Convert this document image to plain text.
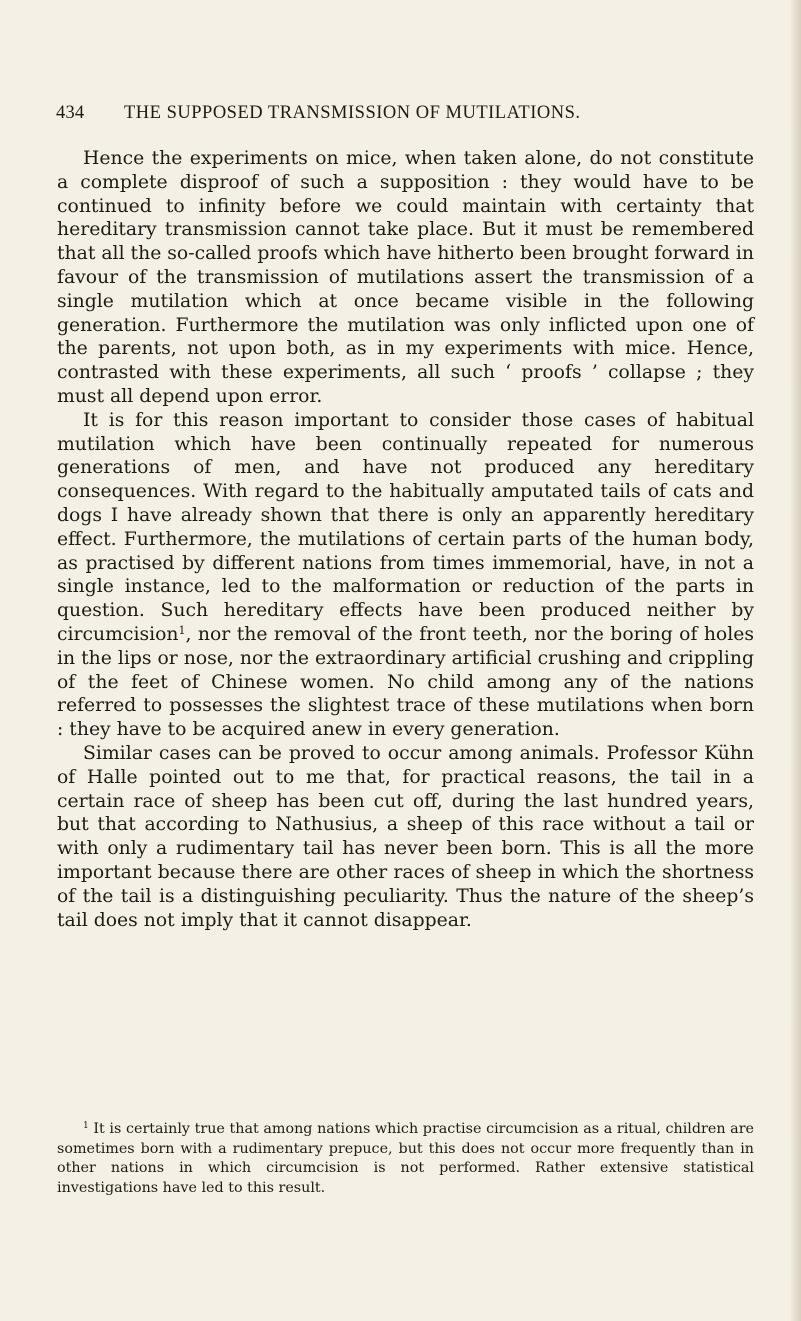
434 THE SUPPOSED TRANSMISSION OF MUTILATIONS.

Hence the experiments on mice, when taken alone, do not constitute a complete disproof of such a supposition : they would have to be continued to infinity before we could maintain with certainty that hereditary transmission cannot take place. But it must be remembered that all the so-called proofs which have hitherto been brought forward in favour of the transmission of mutilations assert the transmission of a single mutilation which at once became visible in the following generation. Furthermore the mutilation was only inflicted upon one of the parents, not upon both, as in my experiments with mice. Hence, contrasted with these experiments, all such ‘ proofs ’ collapse ; they must all depend upon error.

It is for this reason important to consider those cases of habitual mutilation which have been continually repeated for numerous generations of men, and have not produced any hereditary consequences. With regard to the habitually amputated tails of cats and dogs I have already shown that there is only an apparently hereditary effect. Furthermore, the mutilations of certain parts of the human body, as practised by different nations from times immemorial, have, in not a single instance, led to the malformation or reduction of the parts in question. Such hereditary effects have been produced neither by circumcision$^1$, nor the removal of the front teeth, nor the boring of holes in the lips or nose, nor the extraordinary artificial crushing and crippling of the feet of Chinese women. No child among any of the nations referred to possesses the slightest trace of these mutilations when born : they have to be acquired anew in every generation.

Similar cases can be proved to occur among animals. Professor Kühn of Halle pointed out to me that, for practical reasons, the tail in a certain race of sheep has been cut off, during the last hundred years, but that according to Nathusius, a sheep of this race without a tail or with only a rudimentary tail has never been born. This is all the more important because there are other races of sheep in which the shortness of the tail is a distinguishing peculiarity. Thus the nature of the sheep’s tail does not imply that it cannot disappear.

$^1$ It is certainly true that among nations which practise circumcision as a ritual, children are sometimes born with a rudimentary prepuce, but this does not occur more frequently than in other nations in which circumcision is not performed. Rather extensive statistical investigations have led to this result.
